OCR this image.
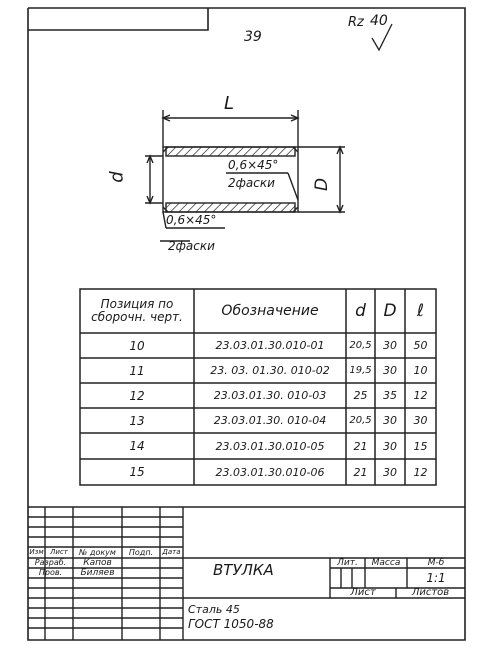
39
Rz 40
L
d
D
0,6×45°
2фаски
0,6×45°
2фаски
Позиция по
сборочн. черт.	Обозначение	d	D	ℓ
10	23.03.01.30.010-01	20,5	30	50
11	23. 03. 01.30. 010-02	19,5	30	10
12	23.03.01.30. 010-03	25	35	12
13	23.03.01.30. 010-04	20,5	30	30
14	23.03.01.30.010-05	21	30	15
15	23.03.01.30.010-06	21	30	12
Изм Лист	№ докум	Подп.	Дата
Разраб.	Капов
Пров.	Биляев	ВТУЛКА	Лит.	Масса	М-б
1:1
Лист	Листов
Сталь 45
ГОСТ 1050-88
